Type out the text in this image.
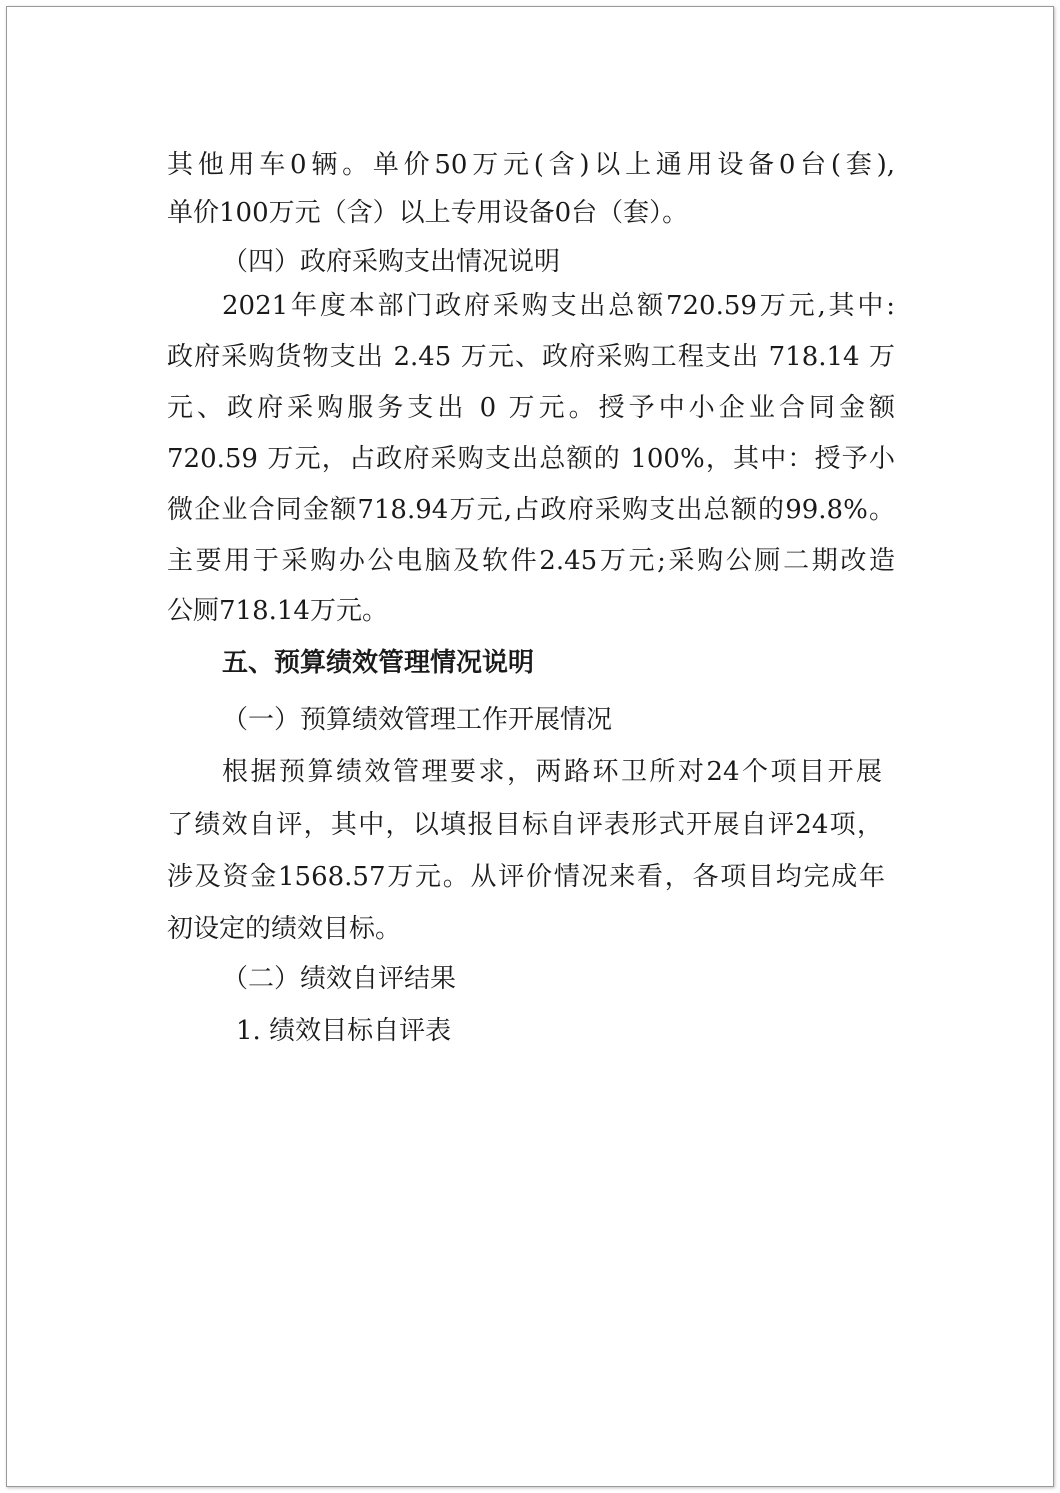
其他用车0辆。单价50万元(含)以上通用设备0台(套),

单价100万元（含）以上专用设备0台（套）。

（四）政府采购支出情况说明

2021年度本部门政府采购支出总额720.59万元,其中:

政府采购货物支出 2.45 万元、政府采购工程支出 718.14 万

元、政府采购服务支出 0 万元。授予中小企业合同金额

720.59 万元，占政府采购支出总额的 100%，其中：授予小

微企业合同金额718.94万元,占政府采购支出总额的99.8%。

主要用于采购办公电脑及软件2.45万元;采购公厕二期改造

公厕718.14万元。

五、预算绩效管理情况说明

（一）预算绩效管理工作开展情况

根据预算绩效管理要求，两路环卫所对24个项目开展

了绩效自评，其中，以填报目标自评表形式开展自评24项，

涉及资金1568.57万元。从评价情况来看，各项目均完成年

初设定的绩效目标。

（二）绩效自评结果

1. 绩效目标自评表
